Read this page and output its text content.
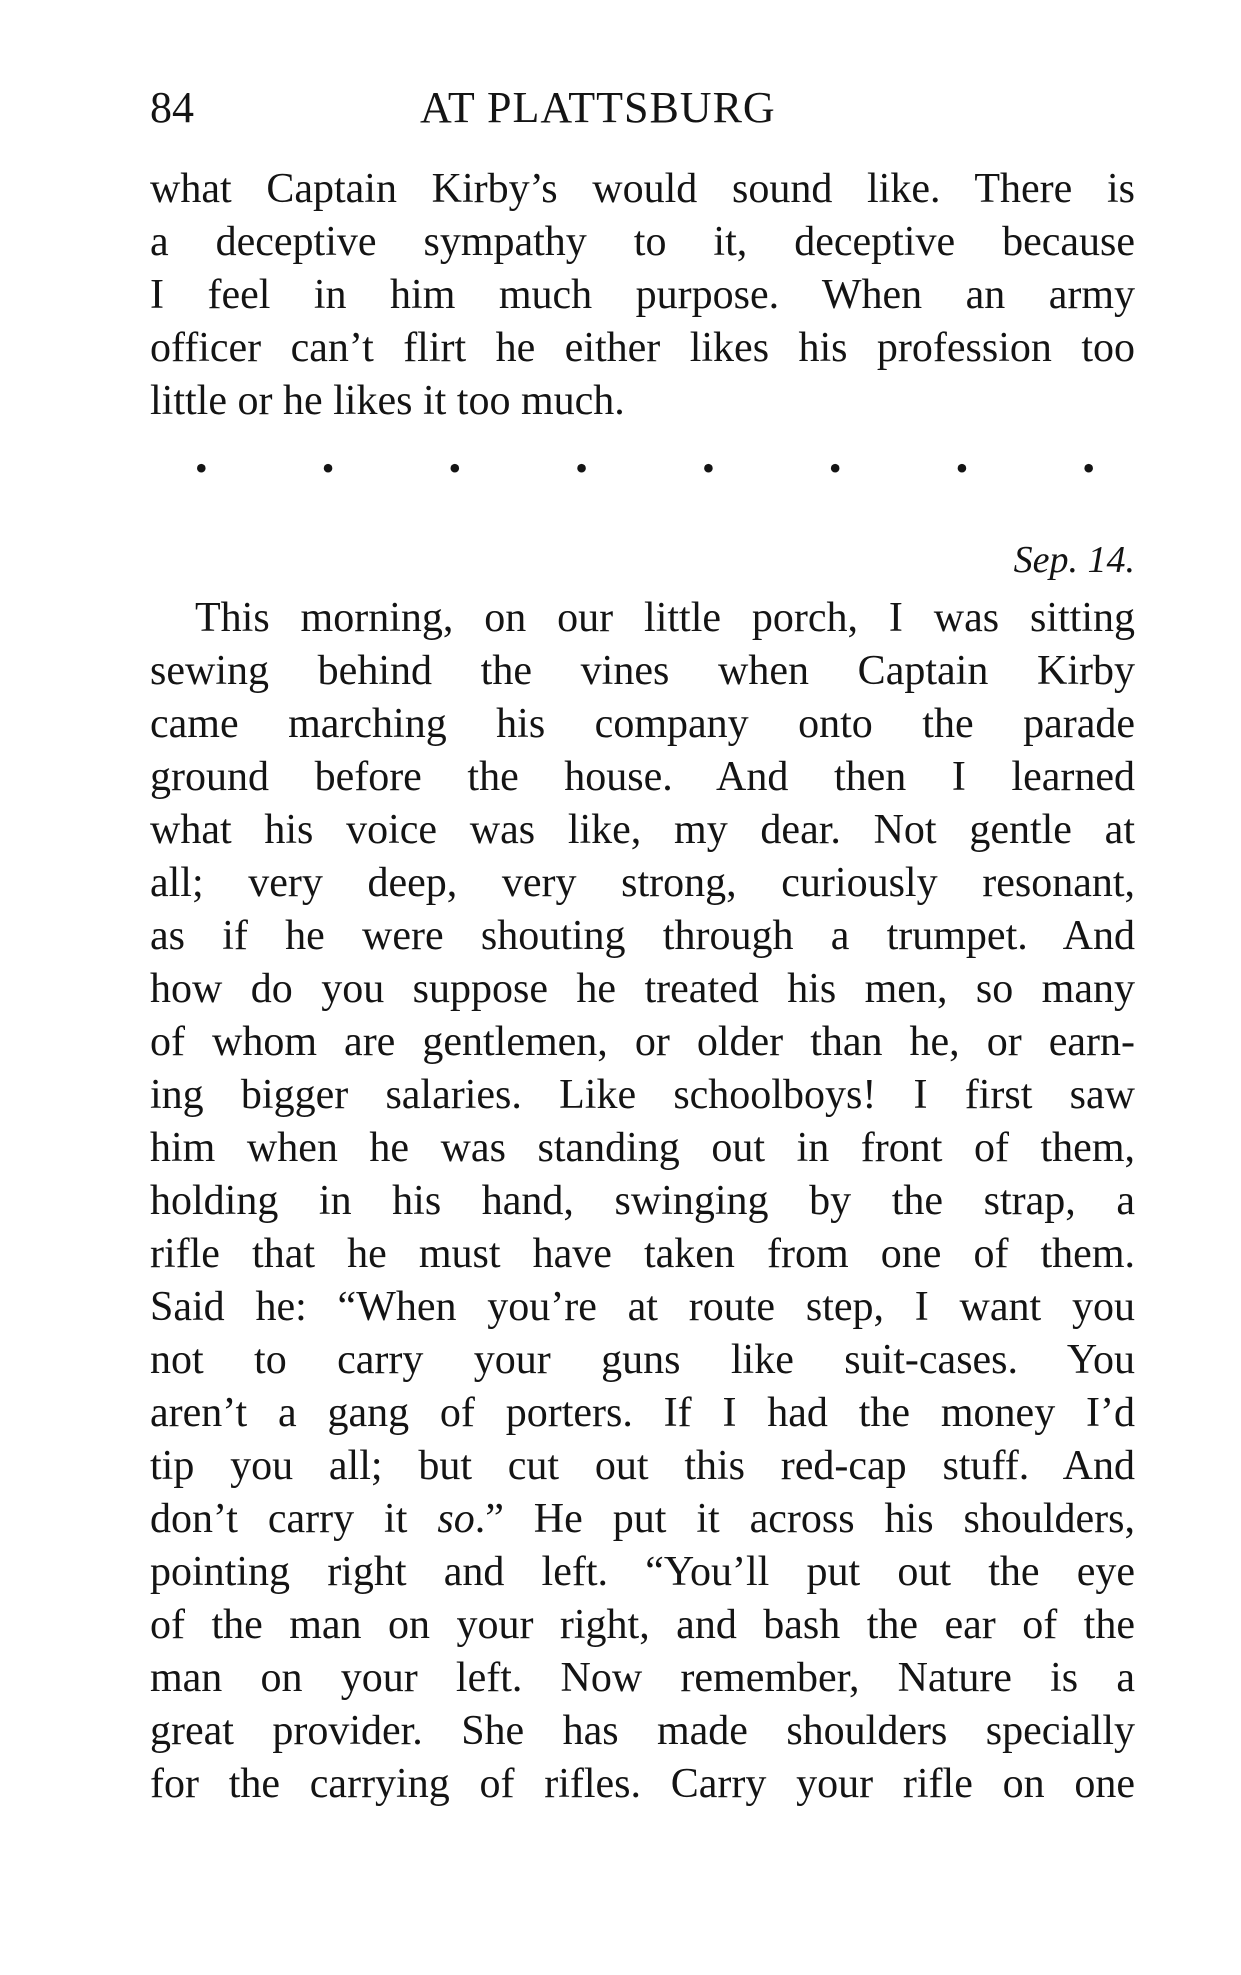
84	AT PLATTSBURG
what Captain Kirby’s would sound like. There is
a deceptive sympathy to it, deceptive because
I feel in him much purpose. When an army
officer can’t flirt he either likes his profession too
little or he likes it too much.
•	•	•	•	•	•	•	•
Sep. 14.
This morning, on our little porch, I was sitting
sewing behind the vines when Captain Kirby
came marching his company onto the parade
ground before the house. And then I learned
what his voice was like, my dear. Not gentle at
all; very deep, very strong, curiously resonant,
as if he were shouting through a trumpet. And
how do you suppose he treated his men, so many
of whom are gentlemen, or older than he, or earn-
ing bigger salaries. Like schoolboys! I first saw
him when he was standing out in front of them,
holding in his hand, swinging by the strap, a
rifle that he must have taken from one of them.
Said he: “When you’re at route step, I want you
not to carry your guns like suit-cases. You
aren’t a gang of porters. If I had the money I’d
tip you all; but cut out this red-cap stuff. And
don’t carry it so.” He put it across his shoulders,
pointing right and left. “You’ll put out the eye
of the man on your right, and bash the ear of the
man on your left. Now remember, Nature is a
great provider. She has made shoulders specially
for the carrying of rifles. Carry your rifle on one
